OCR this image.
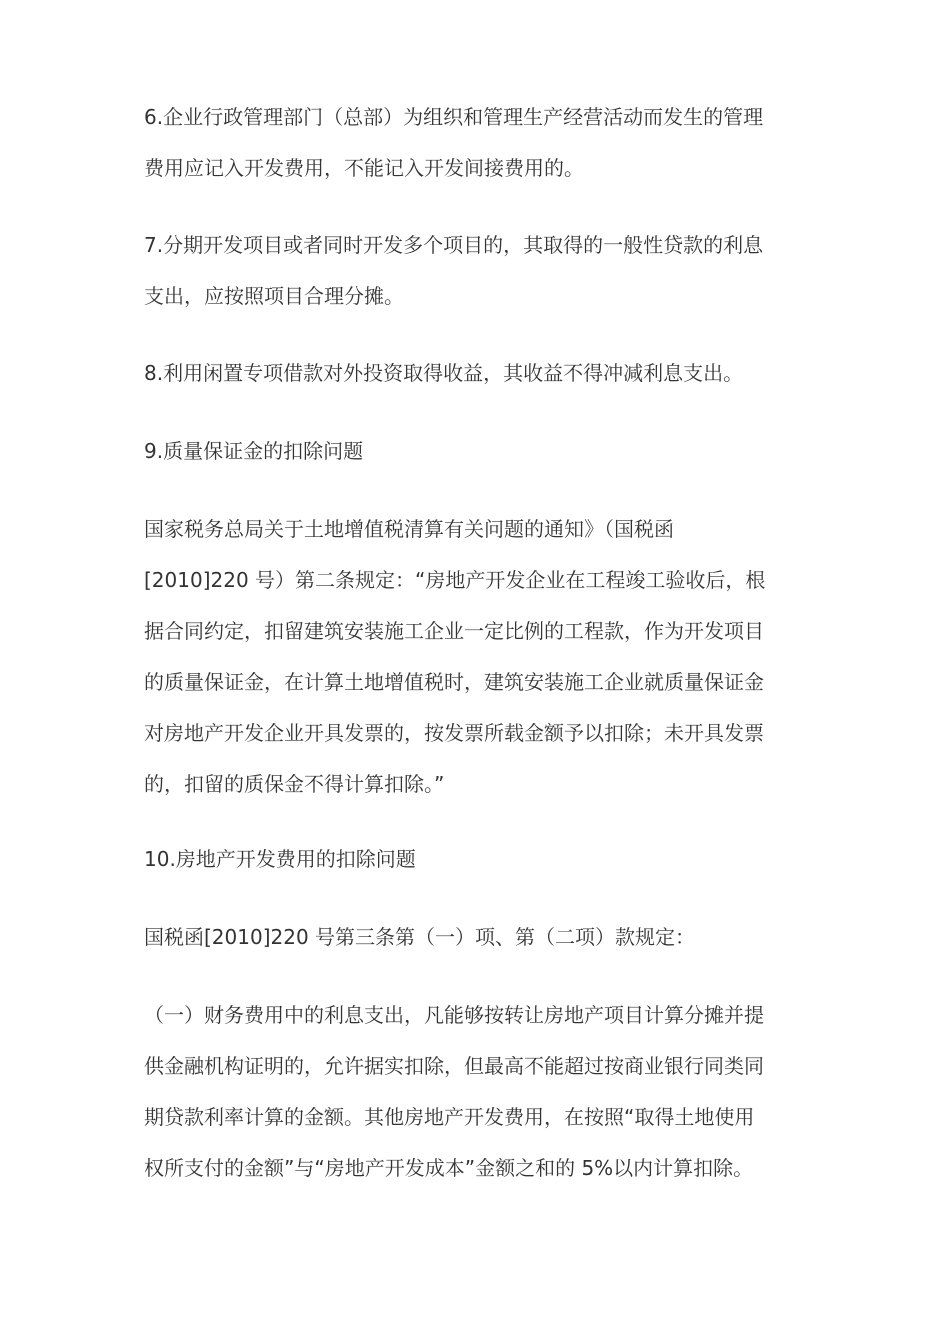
6.企业行政管理部门（总部）为组织和管理生产经营活动而发生的管理
费用应记入开发费用，不能记入开发间接费用的。

7.分期开发项目或者同时开发多个项目的，其取得的一般性贷款的利息
支出，应按照项目合理分摊。

8.利用闲置专项借款对外投资取得收益，其收益不得冲减利息支出。

9.质量保证金的扣除问题

国家税务总局关于土地增值税清算有关问题的通知》（国税函
[2010]220 号）第二条规定：“房地产开发企业在工程竣工验收后，根
据合同约定，扣留建筑安装施工企业一定比例的工程款，作为开发项目
的质量保证金，在计算土地增值税时，建筑安装施工企业就质量保证金
对房地产开发企业开具发票的，按发票所载金额予以扣除；未开具发票
的，扣留的质保金不得计算扣除。”

10.房地产开发费用的扣除问题

国税函[2010]220 号第三条第（一）项、第（二项）款规定：

（一）财务费用中的利息支出，凡能够按转让房地产项目计算分摊并提
供金融机构证明的，允许据实扣除，但最高不能超过按商业银行同类同
期贷款利率计算的金额。其他房地产开发费用，在按照“取得土地使用
权所支付的金额”与“房地产开发成本”金额之和的 5%以内计算扣除。
